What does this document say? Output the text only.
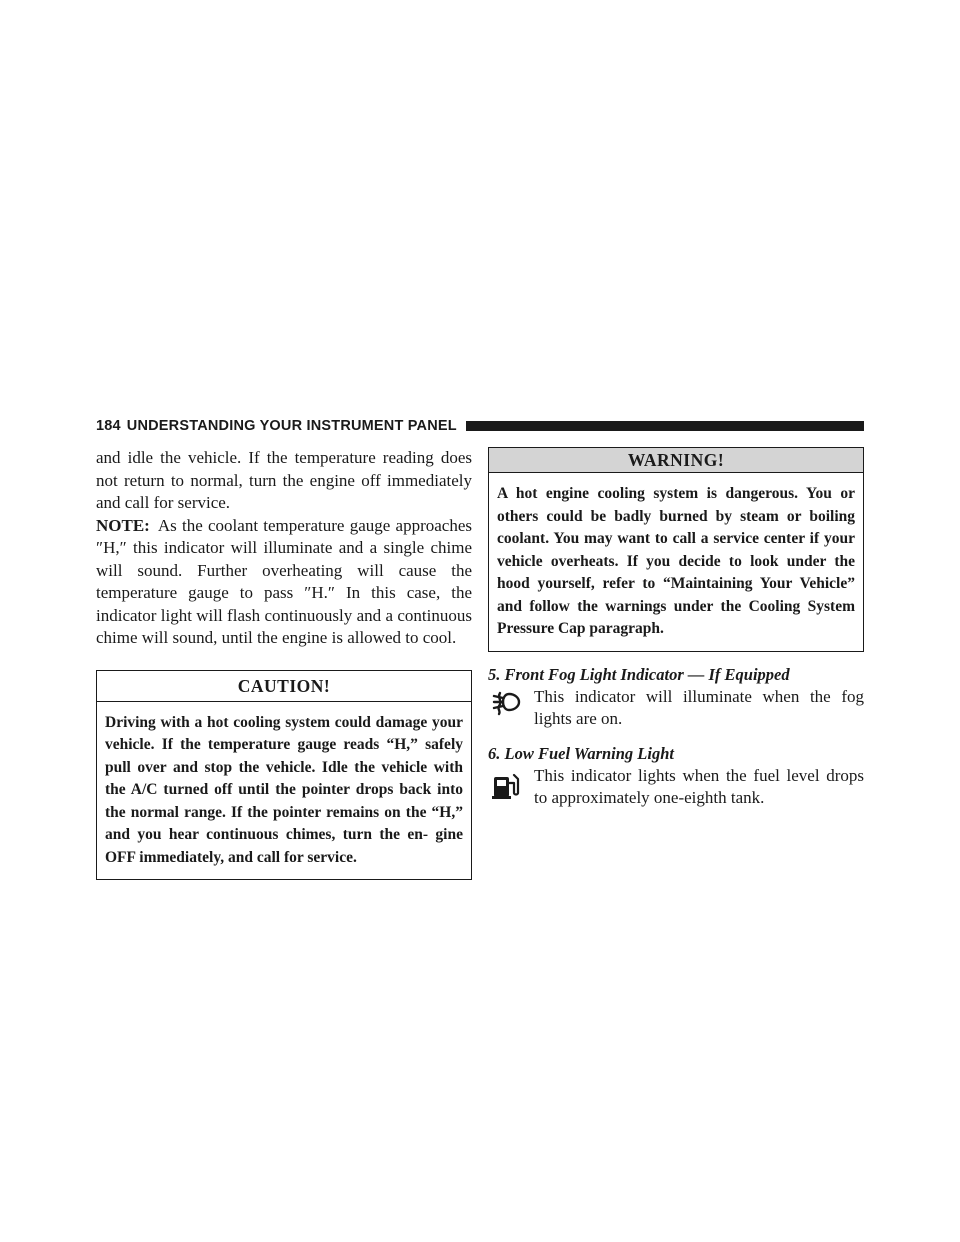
184 UNDERSTANDING YOUR INSTRUMENT PANEL

and idle the vehicle. If the temperature reading does not return to normal, turn the engine off immediately and call for service.

NOTE: As the coolant temperature gauge approaches ″H,″ this indicator will illuminate and a single chime will sound. Further overheating will cause the temperature gauge to pass ″H.″ In this case, the indicator light will flash continuously and a continuous chime will sound, until the engine is allowed to cool.

CAUTION!
Driving with a hot cooling system could damage your vehicle. If the temperature gauge reads “H,” safely pull over and stop the vehicle. Idle the vehicle with the A/C turned off until the pointer drops back into the normal range. If the pointer remains on the “H,” and you hear continuous chimes, turn the en- gine OFF immediately, and call for service.
WARNING!
A hot engine cooling system is dangerous. You or others could be badly burned by steam or boiling coolant. You may want to call a service center if your vehicle overheats. If you decide to look under the hood yourself, refer to “Maintaining Your Vehicle” and follow the warnings under the Cooling System Pressure Cap paragraph.
5. Front Fog Light Indicator — If Equipped
This indicator will illuminate when the fog lights are on.
6. Low Fuel Warning Light
This indicator lights when the fuel level drops to approximately one-eighth tank.
